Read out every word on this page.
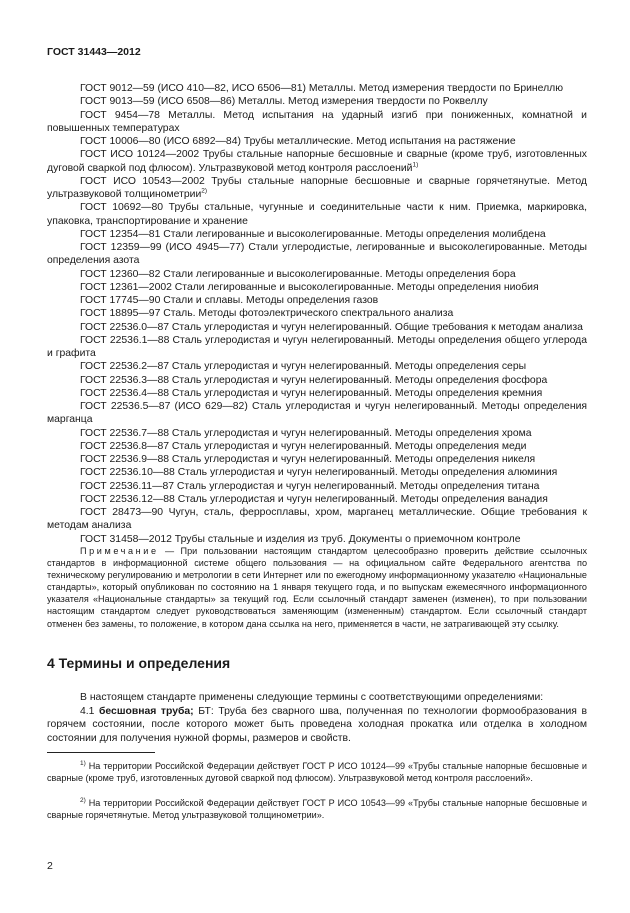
ГОСТ 31443—2012

ГОСТ 9012—59 (ИСО 410—82, ИСО 6506—81) Металлы. Метод измерения твердости по Бринеллю

ГОСТ 9013—59 (ИСО 6508—86) Металлы. Метод измерения твердости по Роквеллу

ГОСТ 9454—78 Металлы. Метод испытания на ударный изгиб при пониженных, комнатной и повышенных температурах

ГОСТ 10006—80 (ИСО 6892—84) Трубы металлические. Метод испытания на растяжение

ГОСТ ИСО 10124—2002 Трубы стальные напорные бесшовные и сварные (кроме труб, изготовленных дуговой сваркой под флюсом). Ультразвуковой метод контроля расслоений$^{1)}$

ГОСТ ИСО 10543—2002 Трубы стальные напорные бесшовные и сварные горячетянутые. Метод ультразвуковой толщинометрии$^{2)}$

ГОСТ 10692—80 Трубы стальные, чугунные и соединительные части к ним. Приемка, маркировка, упаковка, транспортирование и хранение

ГОСТ 12354—81 Стали легированные и высоколегированные. Методы определения молибдена

ГОСТ 12359—99 (ИСО 4945—77) Стали углеродистые, легированные и высоколегированные. Методы определения азота

ГОСТ 12360—82 Стали легированные и высоколегированные. Методы определения бора

ГОСТ 12361—2002 Стали легированные и высоколегированные. Методы определения ниобия

ГОСТ 17745—90 Стали и сплавы. Методы определения газов

ГОСТ 18895—97 Сталь. Методы фотоэлектрического спектрального анализа

ГОСТ 22536.0—87 Сталь углеродистая и чугун нелегированный. Общие требования к методам анализа

ГОСТ 22536.1—88 Сталь углеродистая и чугун нелегированный. Методы определения общего углерода и графита

ГОСТ 22536.2—87 Сталь углеродистая и чугун нелегированный. Методы определения серы

ГОСТ 22536.3—88 Сталь углеродистая и чугун нелегированный. Методы определения фосфора

ГОСТ 22536.4—88 Сталь углеродистая и чугун нелегированный. Методы определения кремния

ГОСТ 22536.5—87 (ИСО 629—82) Сталь углеродистая и чугун нелегированный. Методы определения марганца

ГОСТ 22536.7—88 Сталь углеродистая и чугун нелегированный. Методы определения хрома

ГОСТ 22536.8—87 Сталь углеродистая и чугун нелегированный. Методы определения меди

ГОСТ 22536.9—88 Сталь углеродистая и чугун нелегированный. Методы определения никеля

ГОСТ 22536.10—88 Сталь углеродистая и чугун нелегированный. Методы определения алюминия

ГОСТ 22536.11—87 Сталь углеродистая и чугун нелегированный. Методы определения титана

ГОСТ 22536.12—88 Сталь углеродистая и чугун нелегированный. Методы определения ванадия

ГОСТ 28473—90 Чугун, сталь, ферросплавы, хром, марганец металлические. Общие требования к методам анализа

ГОСТ 31458—2012 Трубы стальные и изделия из труб. Документы о приемочном контроле

Примечание — При пользовании настоящим стандартом целесообразно проверить действие ссылочных стандартов в информационной системе общего пользования — на официальном сайте Федерального агентства по техническому регулированию и метрологии в сети Интернет или по ежегодному информационному указателю «Национальные стандарты», который опубликован по состоянию на 1 января текущего года, и по выпускам ежемесячного информационного указателя «Национальные стандарты» за текущий год. Если ссылочный стандарт заменен (изменен), то при пользовании настоящим стандартом следует руководствоваться заменяющим (измененным) стандартом. Если ссылочный стандарт отменен без замены, то положение, в котором дана ссылка на него, применяется в части, не затрагивающей эту ссылку.

4 Термины и определения

В настоящем стандарте применены следующие термины с соответствующими определениями:

4.1 бесшовная труба; БТ: Труба без сварного шва, полученная по технологии формообразования в горячем состоянии, после которого может быть проведена холодная прокатка или отделка в холодном состоянии для получения нужной формы, размеров и свойств.

$^{1)}$ На территории Российской Федерации действует ГОСТ Р ИСО 10124—99 «Трубы стальные напорные бесшовные и сварные (кроме труб, изготовленных дуговой сваркой под флюсом). Ультразвуковой метод контроля расслоений».

$^{2)}$ На территории Российской Федерации действует ГОСТ Р ИСО 10543—99 «Трубы стальные напорные бесшовные и сварные горячетянутые. Метод ультразвуковой толщинометрии».

2
